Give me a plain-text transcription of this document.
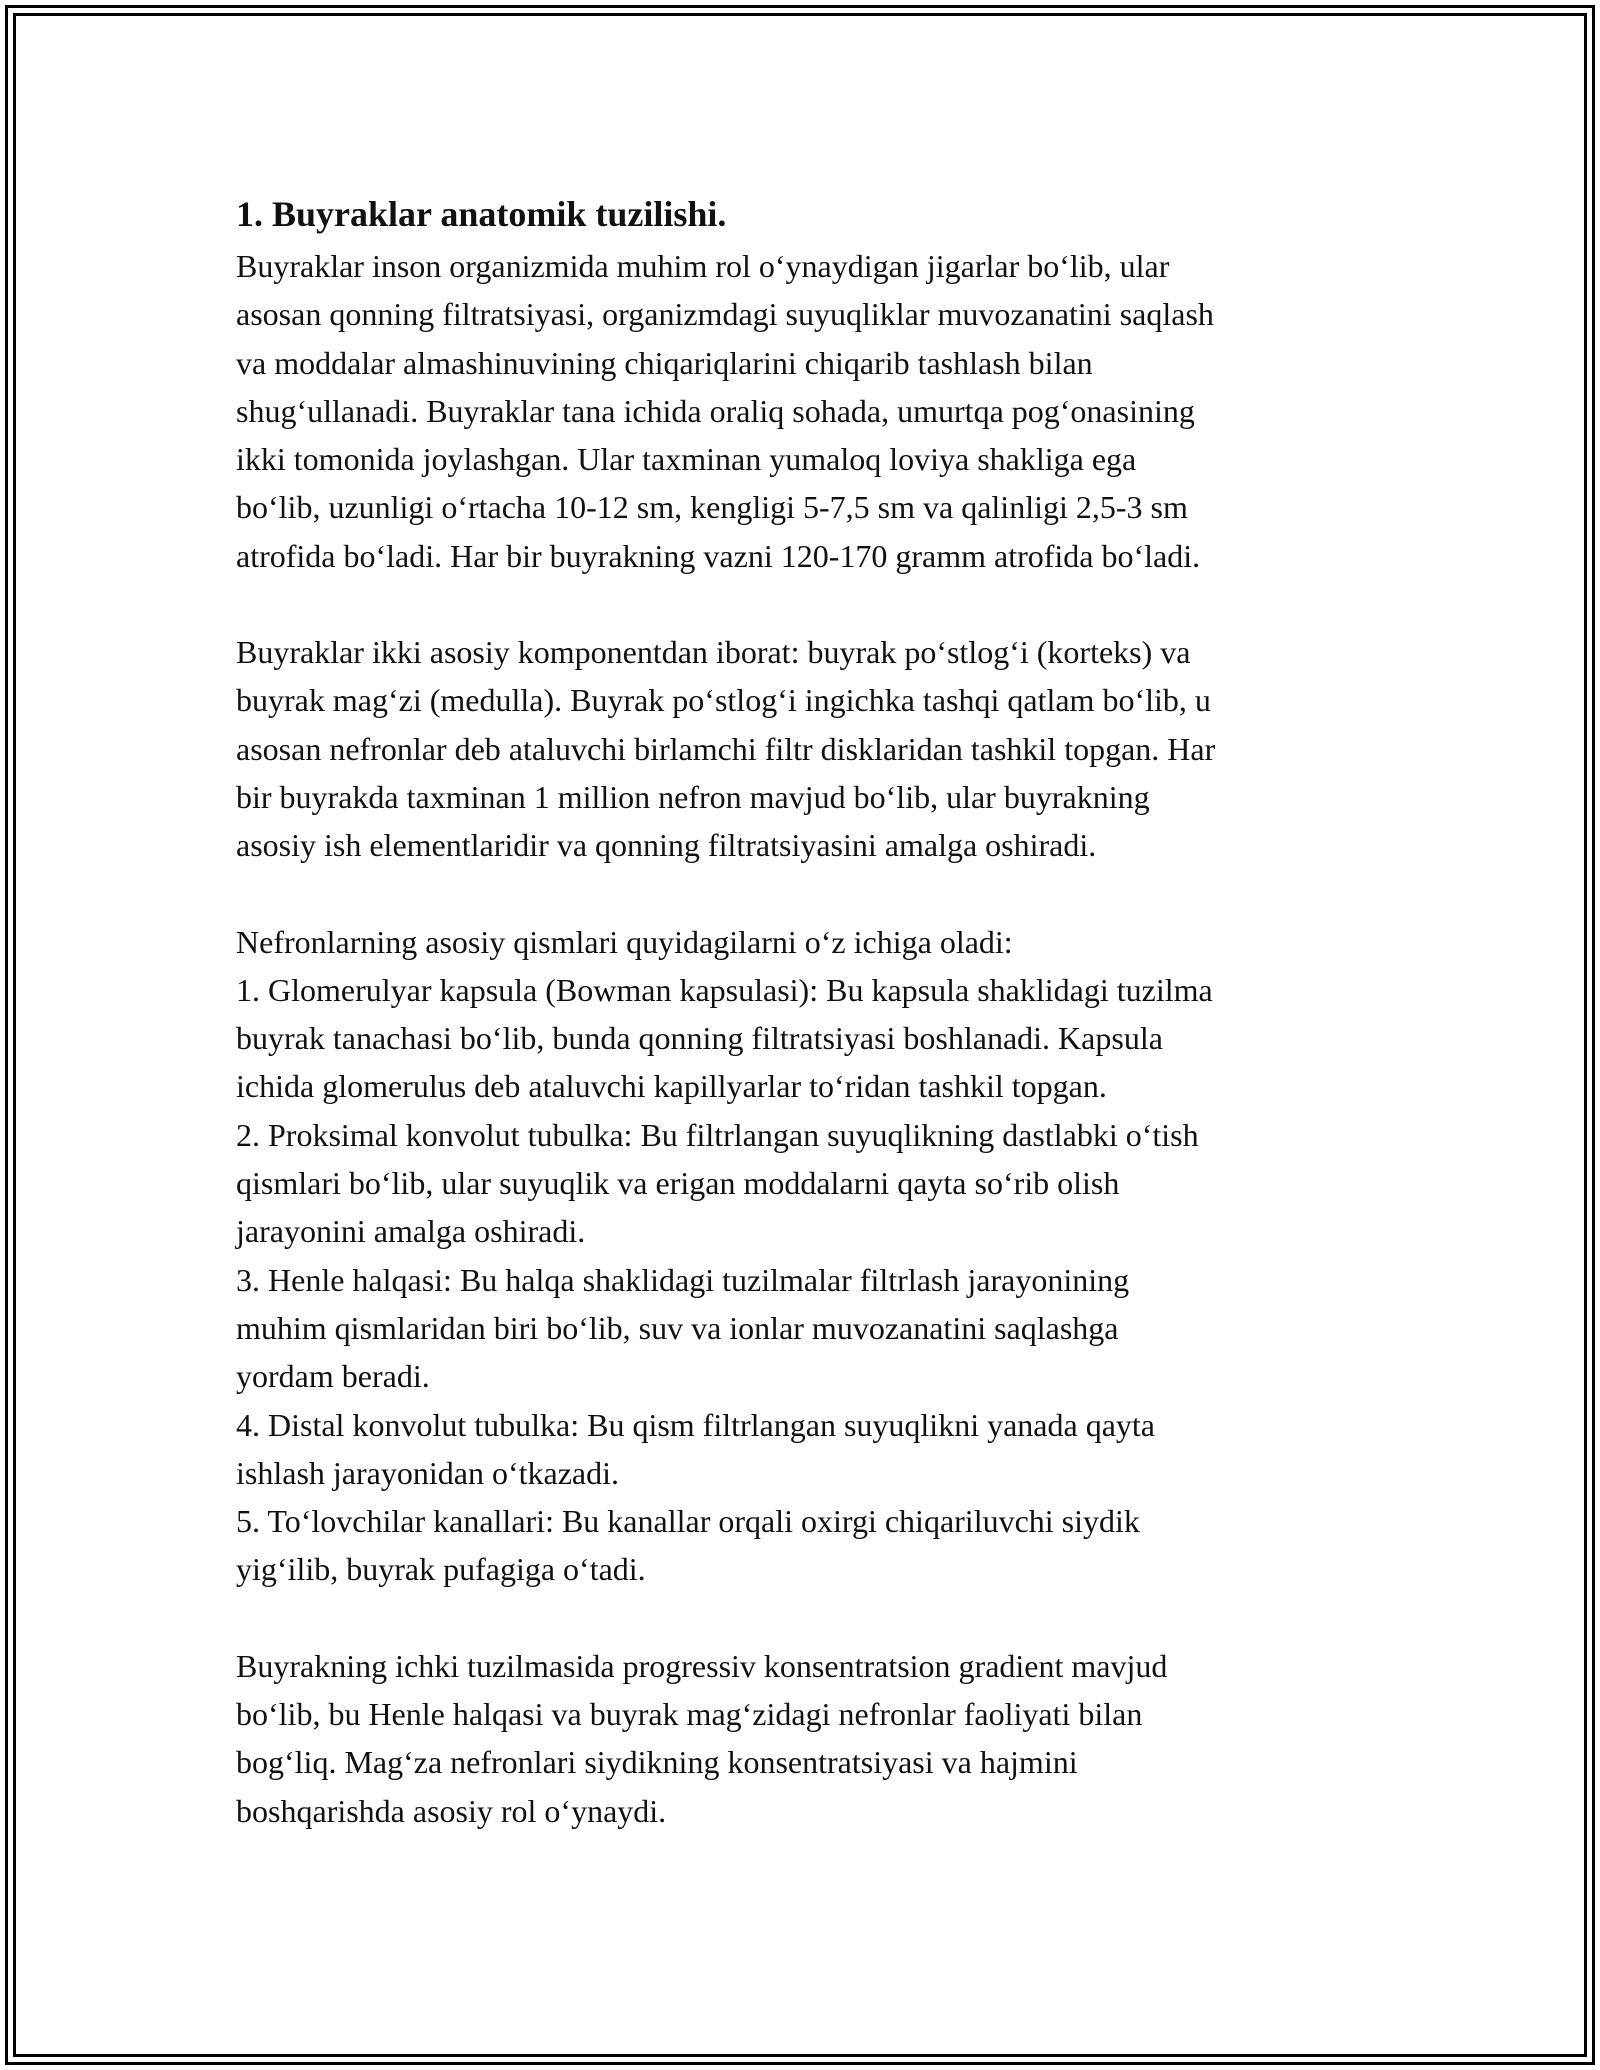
1. Buyraklar anatomik tuzilishi.

Buyraklar inson organizmida muhim rol o‘ynaydigan jigarlar bo‘lib, ular
asosan qonning filtratsiyasi, organizmdagi suyuqliklar muvozanatini saqlash
va moddalar almashinuvining chiqariqlarini chiqarib tashlash bilan
shug‘ullanadi. Buyraklar tana ichida oraliq sohada, umurtqa pog‘onasining
ikki tomonida joylashgan. Ular taxminan yumaloq loviya shakliga ega
bo‘lib, uzunligi o‘rtacha 10-12 sm, kengligi 5-7,5 sm va qalinligi 2,5-3 sm
atrofida bo‘ladi. Har bir buyrakning vazni 120-170 gramm atrofida bo‘ladi.

Buyraklar ikki asosiy komponentdan iborat: buyrak po‘stlog‘i (korteks) va
buyrak mag‘zi (medulla). Buyrak po‘stlog‘i ingichka tashqi qatlam bo‘lib, u
asosan nefronlar deb ataluvchi birlamchi filtr disklaridan tashkil topgan. Har
bir buyrakda taxminan 1 million nefron mavjud bo‘lib, ular buyrakning
asosiy ish elementlaridir va qonning filtratsiyasini amalga oshiradi.

Nefronlarning asosiy qismlari quyidagilarni o‘z ichiga oladi:
1. Glomerulyar kapsula (Bowman kapsulasi): Bu kapsula shaklidagi tuzilma
buyrak tanachasi bo‘lib, bunda qonning filtratsiyasi boshlanadi. Kapsula
ichida glomerulus deb ataluvchi kapillyarlar to‘ridan tashkil topgan.
2. Proksimal konvolut tubulka: Bu filtrlangan suyuqlikning dastlabki o‘tish
qismlari bo‘lib, ular suyuqlik va erigan moddalarni qayta so‘rib olish
jarayonini amalga oshiradi.
3. Henle halqasi: Bu halqa shaklidagi tuzilmalar filtrlash jarayonining
muhim qismlaridan biri bo‘lib, suv va ionlar muvozanatini saqlashga
yordam beradi.
4. Distal konvolut tubulka: Bu qism filtrlangan suyuqlikni yanada qayta
ishlash jarayonidan o‘tkazadi.
5. To‘lovchilar kanallari: Bu kanallar orqali oxirgi chiqariluvchi siydik
yig‘ilib, buyrak pufagiga o‘tadi.

Buyrakning ichki tuzilmasida progressiv konsentratsion gradient mavjud
bo‘lib, bu Henle halqasi va buyrak mag‘zidagi nefronlar faoliyati bilan
bog‘liq. Mag‘za nefronlari siydikning konsentratsiyasi va hajmini
boshqarishda asosiy rol o‘ynaydi.
